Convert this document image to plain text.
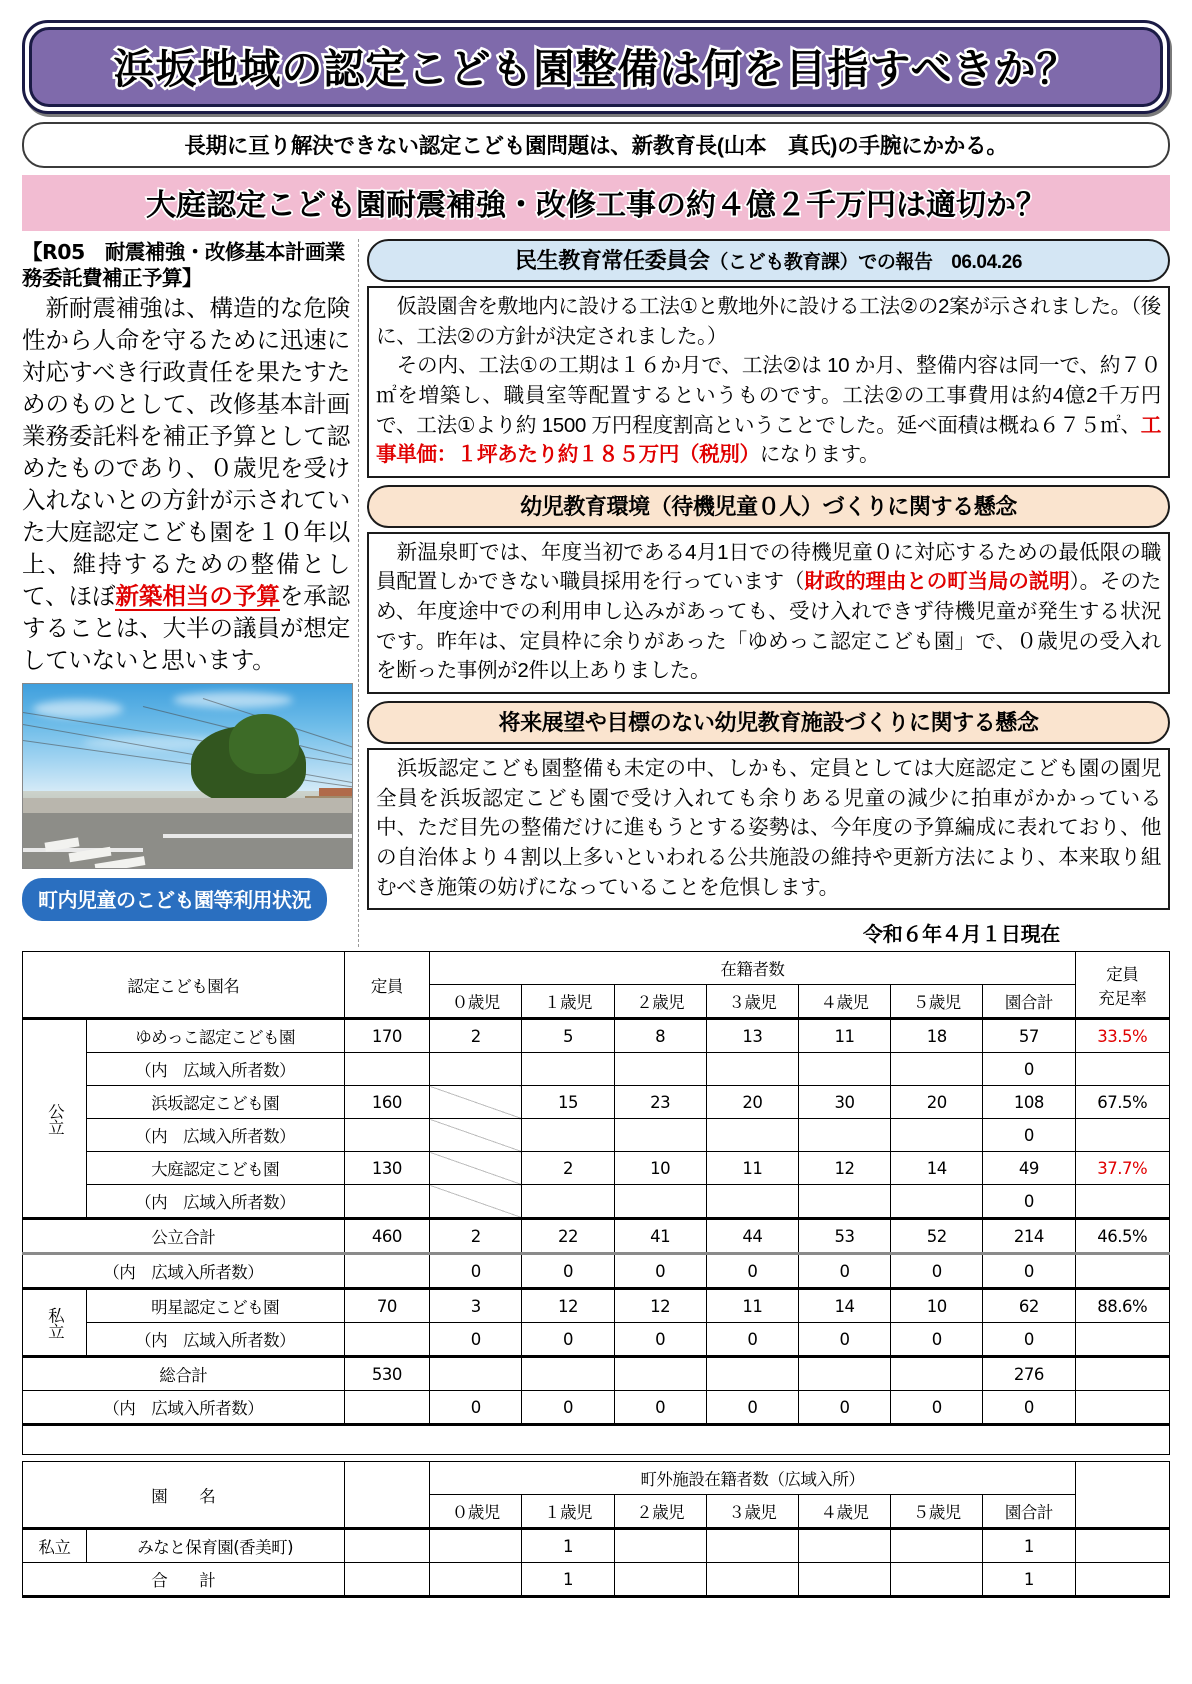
浜坂地域の認定こども園整備は何を目指すべきか？
長期に亘り解決できない認定こども園問題は、新教育長(山本　真氏)の手腕にかかる。
大庭認定こども園耐震補強・改修工事の約４億２千万円は適切か？
【R05　耐震補強・改修基本計画業務委託費補正予算】
　新耐震補強は、構造的な危険性から人命を守るために迅速に対応すべき行政責任を果たすためのものとして、改修基本計画業務委託料を補正予算として認めたものであり、０歳児を受け入れないとの方針が示されていた大庭認定こども園を１０年以上、維持するための整備として、ほぼ新築相当の予算を承認することは、大半の議員が想定していないと思います。
町内児童のこども園等利用状況
民生教育常任委員会（こども教育課）での報告　06.04.26

仮設園舎を敷地内に設ける工法①と敷地外に設ける工法②の2案が示されました。（後に、工法②の方針が決定されました。）

その内、工法①の工期は１６か月で、工法②は 10 か月、整備内容は同一で、約７０㎡を増築し、職員室等配置するというものです。工法②の工事費用は約4億2千万円で、工法①より約 1500 万円程度割高ということでした。延べ面積は概ね６７５㎡、工事単価：１坪あたり約１８５万円（税別）になります。

幼児教育環境（待機児童０人）づくりに関する懸念

新温泉町では、年度当初である4月1日での待機児童０に対応するための最低限の職員配置しかできない職員採用を行っています（財政的理由との町当局の説明）。そのため、年度途中での利用申し込みがあっても、受け入れできず待機児童が発生する状況です。昨年は、定員枠に余りがあった「ゆめっこ認定こども園」で、０歳児の受入れを断った事例が2件以上ありました。

将来展望や目標のない幼児教育施設づくりに関する懸念

浜坂認定こども園整備も未定の中、しかも、定員としては大庭認定こども園の園児全員を浜坂認定こども園で受け入れても余りある児童の減少に拍車がかかっている中、ただ目先の整備だけに進もうとする姿勢は、今年度の予算編成に表れており、他の自治体より４割以上多いといわれる公共施設の維持や更新方法により、本来取り組むべき施策の妨げになっていることを危惧します。

令和６年４月１日現在
認定こども園名		定員	在籍者数							定員
充足率
			０歳児	１歳児	２歳児	３歳児	４歳児	５歳児	園合計	
公立	ゆめっこ認定こども園	170	2	5	8	13	11	18	57	33.5%
	（内　広域入所者数）								0	
	浜坂認定こども園	160		15	23	20	30	20	108	67.5%
	（内　広域入所者数）								0	
	大庭認定こども園	130		2	10	11	12	14	49	37.7%
	（内　広域入所者数）								0	
公立合計		460	2	22	41	44	53	52	214	46.5%
（内　広域入所者数）			0	0	0	0	0	0	0	
私立	明星認定こども園	70	3	12	12	11	14	10	62	88.6%
	（内　広域入所者数）		0	0	0	0	0	0	0	
総合計		530							276	
（内　広域入所者数）			0	0	0	0	0	0	0	

園　　名			町外施設在籍者数（広域入所）							
			０歳児	１歳児	２歳児	３歳児	４歳児	５歳児	園合計	
私立	みなと保育園(香美町)			1					1	
合　　計				1					1	
